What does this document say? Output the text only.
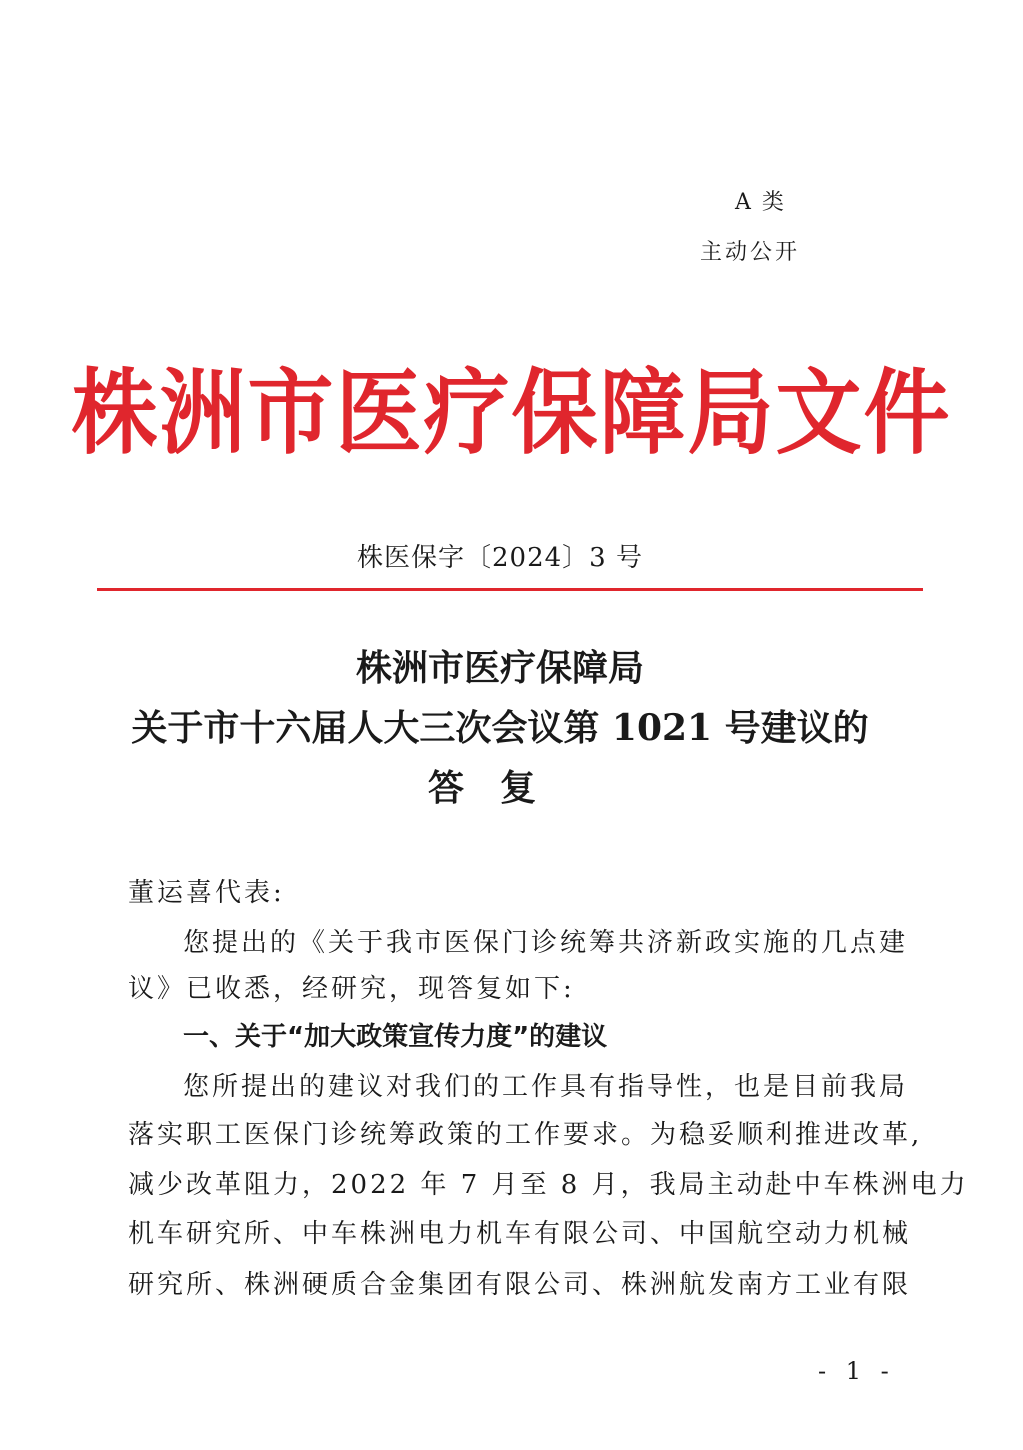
A 类
主动公开
株洲市医疗保障局文件
株医保字〔2024〕3 号
株洲市医疗保障局
关于市十六届人大三次会议第 1021 号建议的
答复
董运喜代表:
您提出的《关于我市医保门诊统筹共济新政实施的几点建
议》已收悉，经研究，现答复如下:
一、关于“加大政策宣传力度”的建议
您所提出的建议对我们的工作具有指导性，也是目前我局
落实职工医保门诊统筹政策的工作要求。为稳妥顺利推进改革,
减少改革阻力，2022 年 7 月至 8 月，我局主动赴中车株洲电力
机车研究所、中车株洲电力机车有限公司、中国航空动力机械
研究所、株洲硬质合金集团有限公司、株洲航发南方工业有限
- 1 -
